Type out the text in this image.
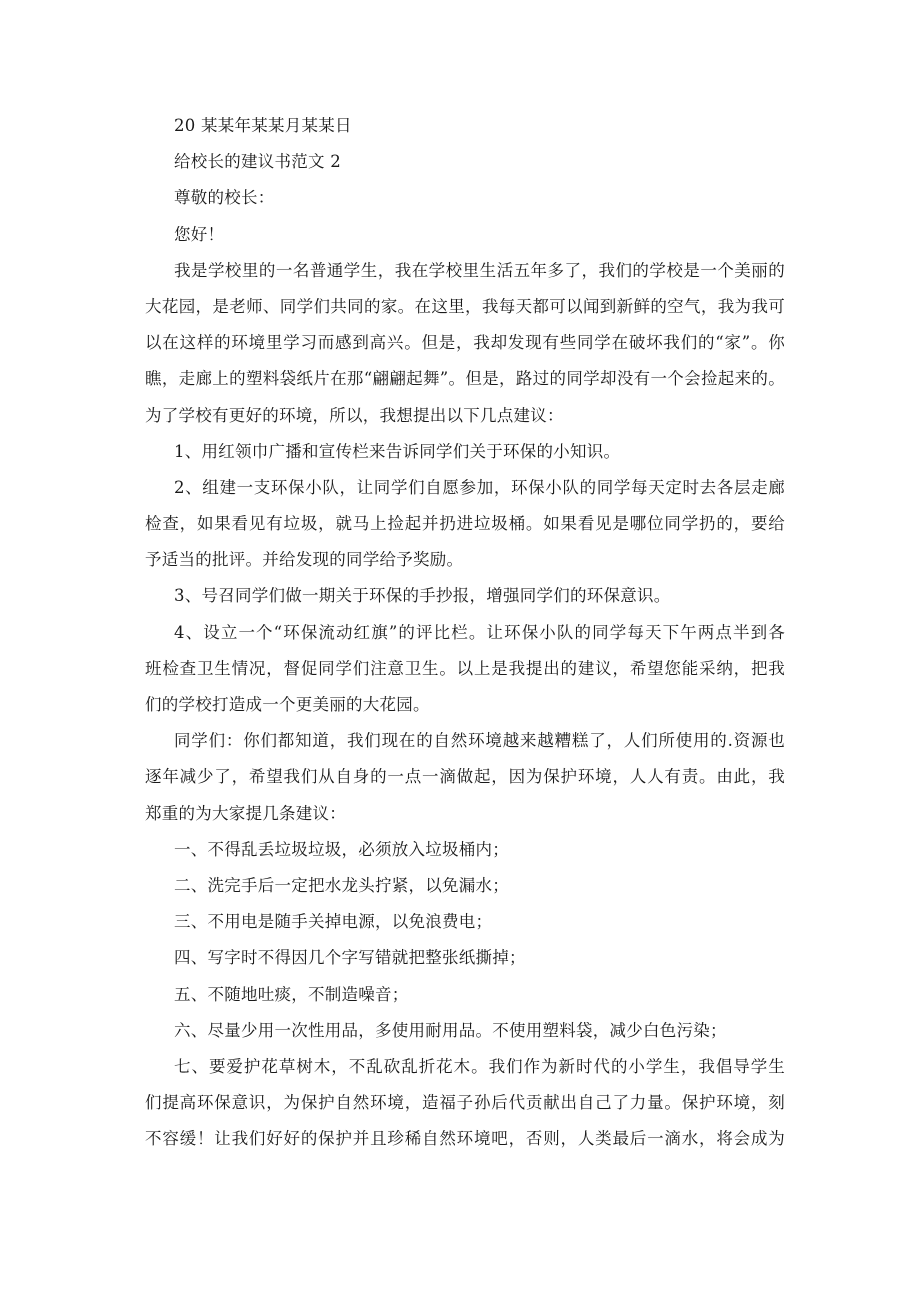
20 某某年某某月某某日
给校长的建议书范文 2
尊敬的校长：
您好！
我是学校里的一名普通学生，我在学校里生活五年多了，我们的学校是一个美丽的
大花园，是老师、同学们共同的家。在这里，我每天都可以闻到新鲜的空气，我为我可
以在这样的环境里学习而感到高兴。但是，我却发现有些同学在破坏我们的“家”。你
瞧，走廊上的塑料袋纸片在那“翩翩起舞”。但是，路过的同学却没有一个会捡起来的。
为了学校有更好的环境，所以，我想提出以下几点建议：
1、用红领巾广播和宣传栏来告诉同学们关于环保的小知识。
2、组建一支环保小队，让同学们自愿参加，环保小队的同学每天定时去各层走廊
检查，如果看见有垃圾，就马上捡起并扔进垃圾桶。如果看见是哪位同学扔的，要给
予适当的批评。并给发现的同学给予奖励。
3、号召同学们做一期关于环保的手抄报，增强同学们的环保意识。
4、设立一个“环保流动红旗”的评比栏。让环保小队的同学每天下午两点半到各
班检查卫生情况，督促同学们注意卫生。以上是我提出的建议，希望您能采纳，把我
们的学校打造成一个更美丽的大花园。
同学们：你们都知道，我们现在的自然环境越来越糟糕了，人们所使用的.资源也
逐年减少了，希望我们从自身的一点一滴做起，因为保护环境，人人有责。由此，我
郑重的为大家提几条建议：
一、不得乱丢垃圾垃圾，必须放入垃圾桶内；
二、洗完手后一定把水龙头拧紧，以免漏水；
三、不用电是随手关掉电源，以免浪费电；
四、写字时不得因几个字写错就把整张纸撕掉；
五、不随地吐痰，不制造噪音；
六、尽量少用一次性用品，多使用耐用品。不使用塑料袋，减少白色污染；
七、要爱护花草树木，不乱砍乱折花木。我们作为新时代的小学生，我倡导学生
们提高环保意识，为保护自然环境，造福子孙后代贡献出自己了力量。保护环境，刻
不容缓！让我们好好的保护并且珍稀自然环境吧，否则，人类最后一滴水，将会成为
